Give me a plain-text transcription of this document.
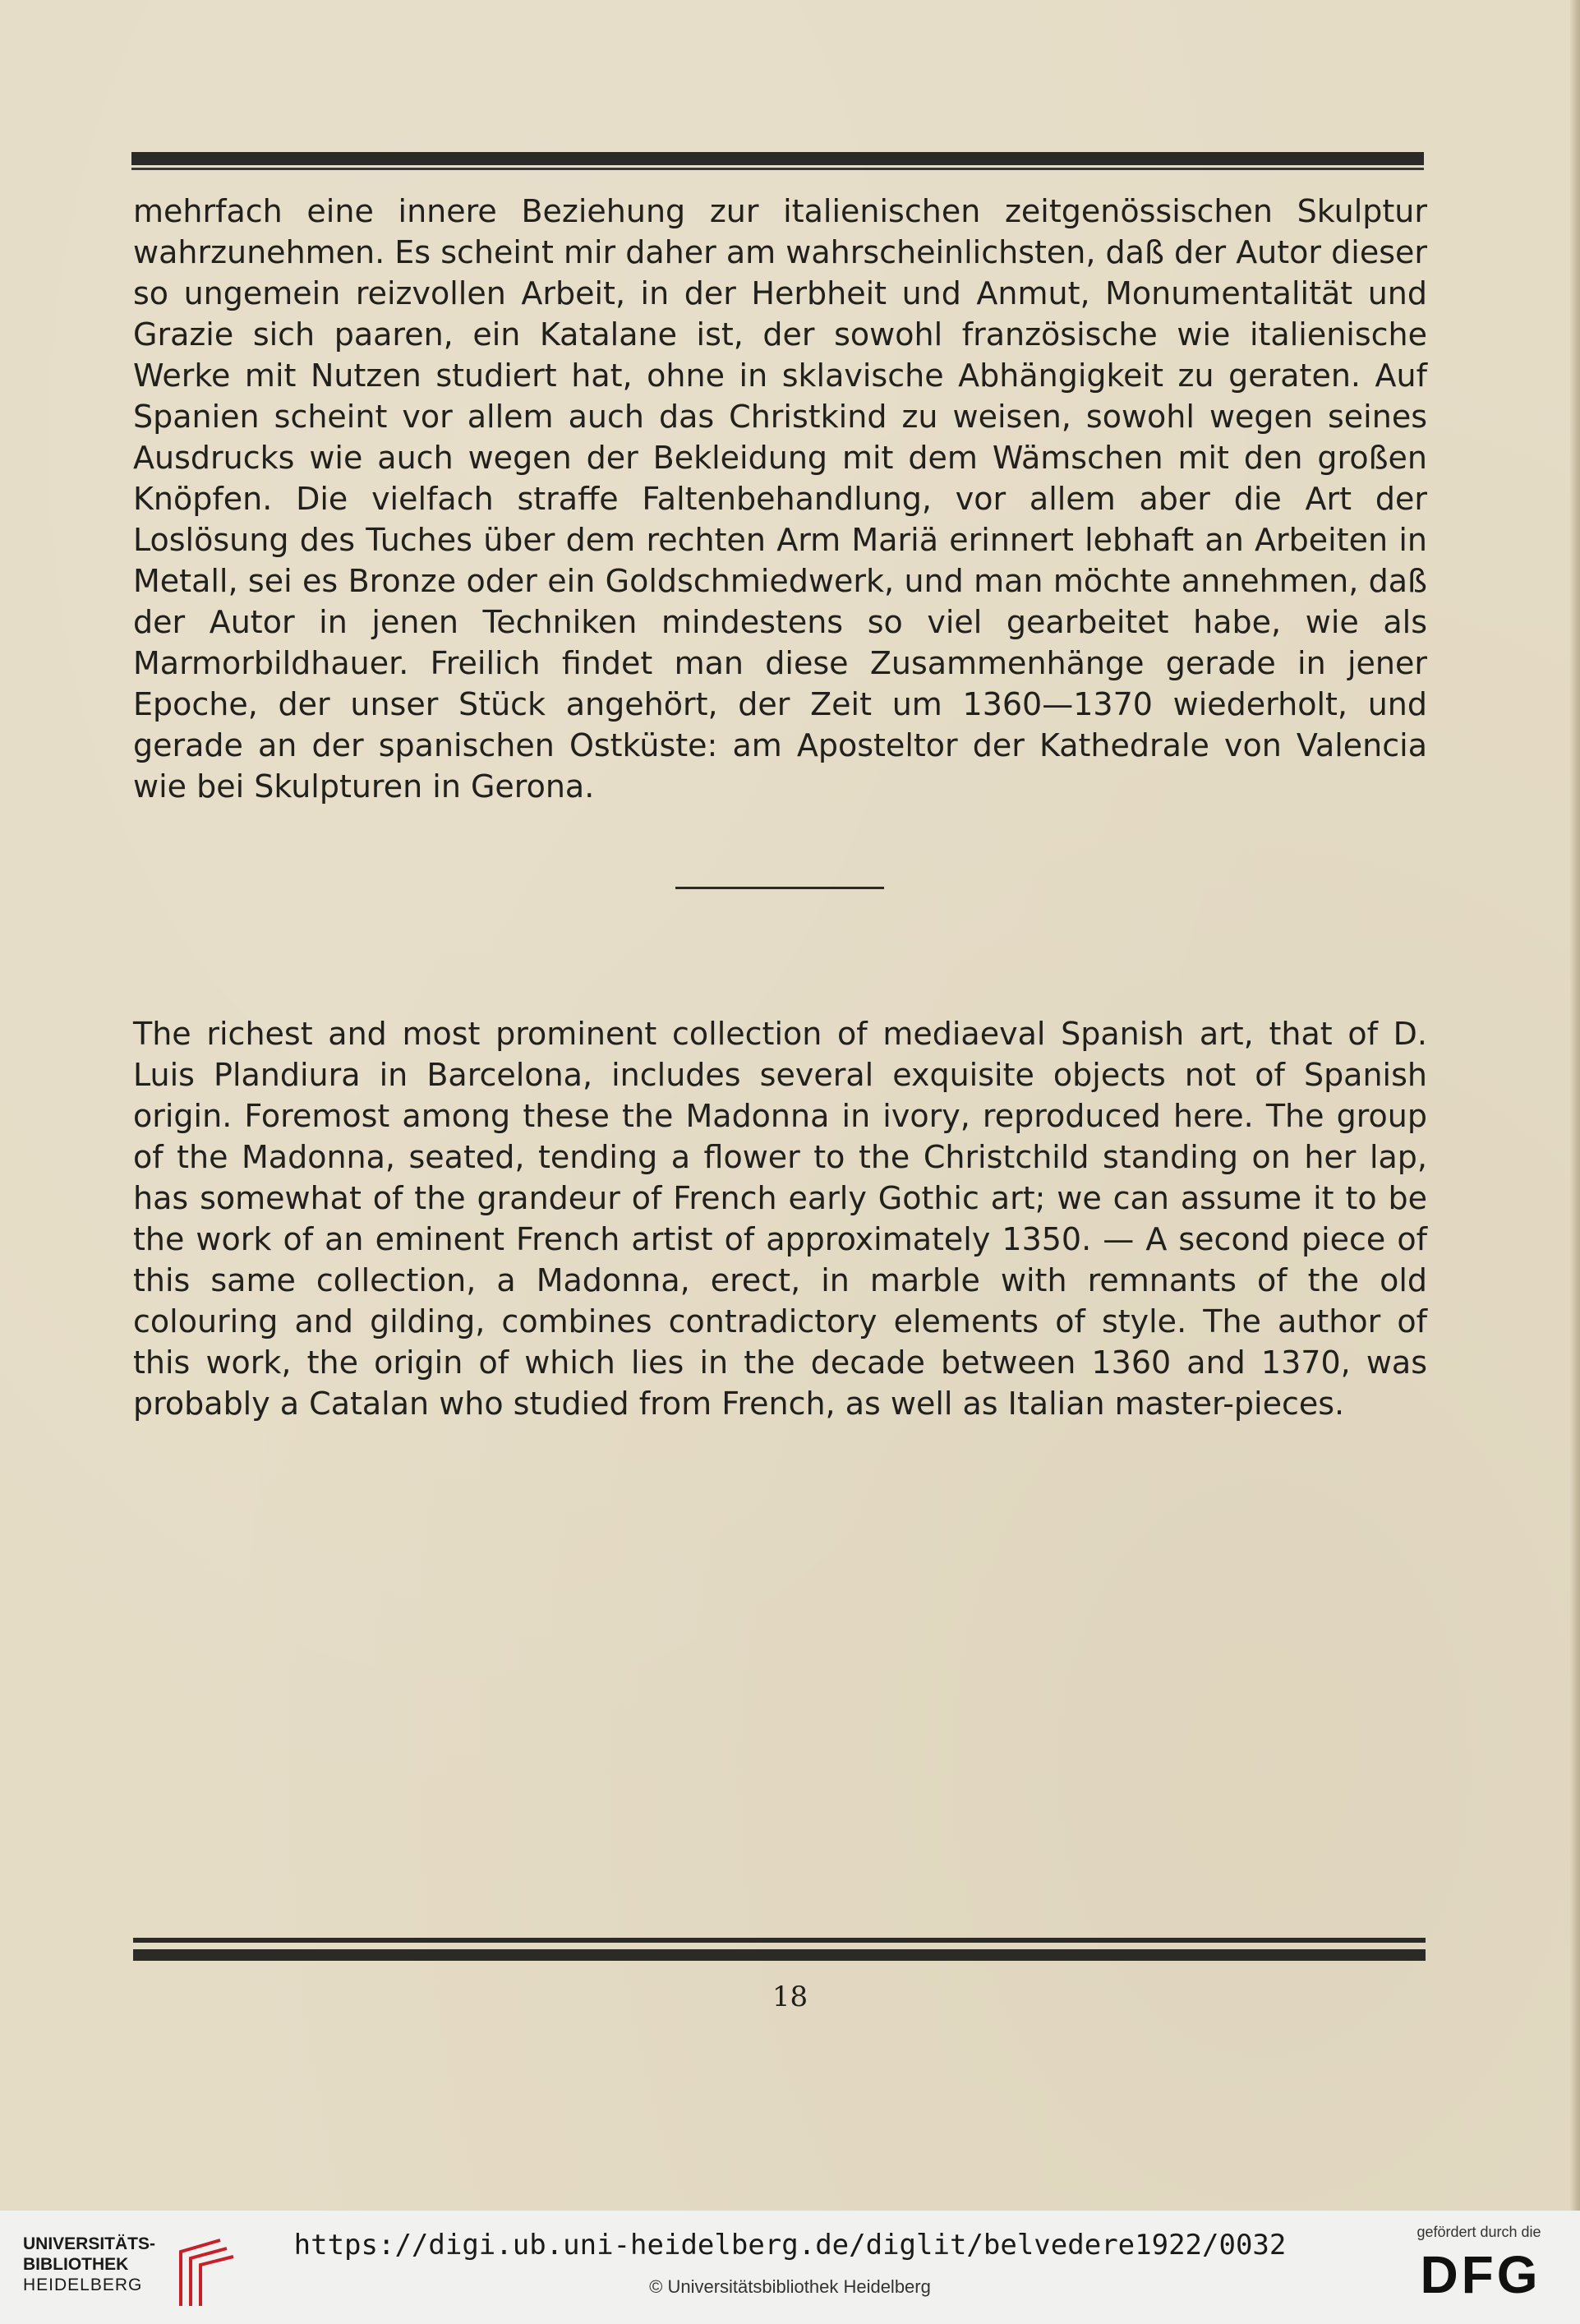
mehrfach eine innere Beziehung zur italienischen zeitgenössischen Skulptur wahrzunehmen. Es scheint mir daher am wahrscheinlichsten, daß der Autor dieser so ungemein reizvollen Arbeit, in der Herbheit und Anmut, Monumentalität und Grazie sich paaren, ein Katalane ist, der sowohl französische wie italienische Werke mit Nutzen studiert hat, ohne in sklavische Abhängigkeit zu geraten. Auf Spanien scheint vor allem auch das Christkind zu weisen, sowohl wegen seines Ausdrucks wie auch wegen der Bekleidung mit dem Wämschen mit den großen Knöpfen. Die vielfach straffe Faltenbehandlung, vor allem aber die Art der Loslösung des Tuches über dem rechten Arm Mariä erinnert lebhaft an Arbeiten in Metall, sei es Bronze oder ein Goldschmiedwerk, und man möchte annehmen, daß der Autor in jenen Techniken mindestens so viel gearbeitet habe, wie als Marmorbildhauer. Freilich findet man diese Zusammenhänge gerade in jener Epoche, der unser Stück angehört, der Zeit um 1360—1370 wiederholt, und gerade an der spanischen Ostküste: am Aposteltor der Kathedrale von Valencia wie bei Skulpturen in Gerona.

The richest and most prominent collection of mediaeval Spanish art, that of D. Luis Plandiura in Barcelona, includes several exquisite objects not of Spanish origin. Foremost among these the Madonna in ivory, reproduced here. The group of the Madonna, seated, tending a flower to the Christchild standing on her lap, has somewhat of the grandeur of French early Gothic art; we can assume it to be the work of an eminent French artist of approximately 1350. — A second piece of this same collection, a Madonna, erect, in marble with remnants of the old colouring and gilding, combines contradictory elements of style. The author of this work, the origin of which lies in the decade between 1360 and 1370, was probably a Catalan who studied from French, as well as Italian master-pieces.

18
UNIVERSITÄTS-
BIBLIOTHEK
HEIDELBERG
https://digi.ub.uni-heidelberg.de/diglit/belvedere1922/0032
© Universitätsbibliothek Heidelberg
gefördert durch die
DFG
